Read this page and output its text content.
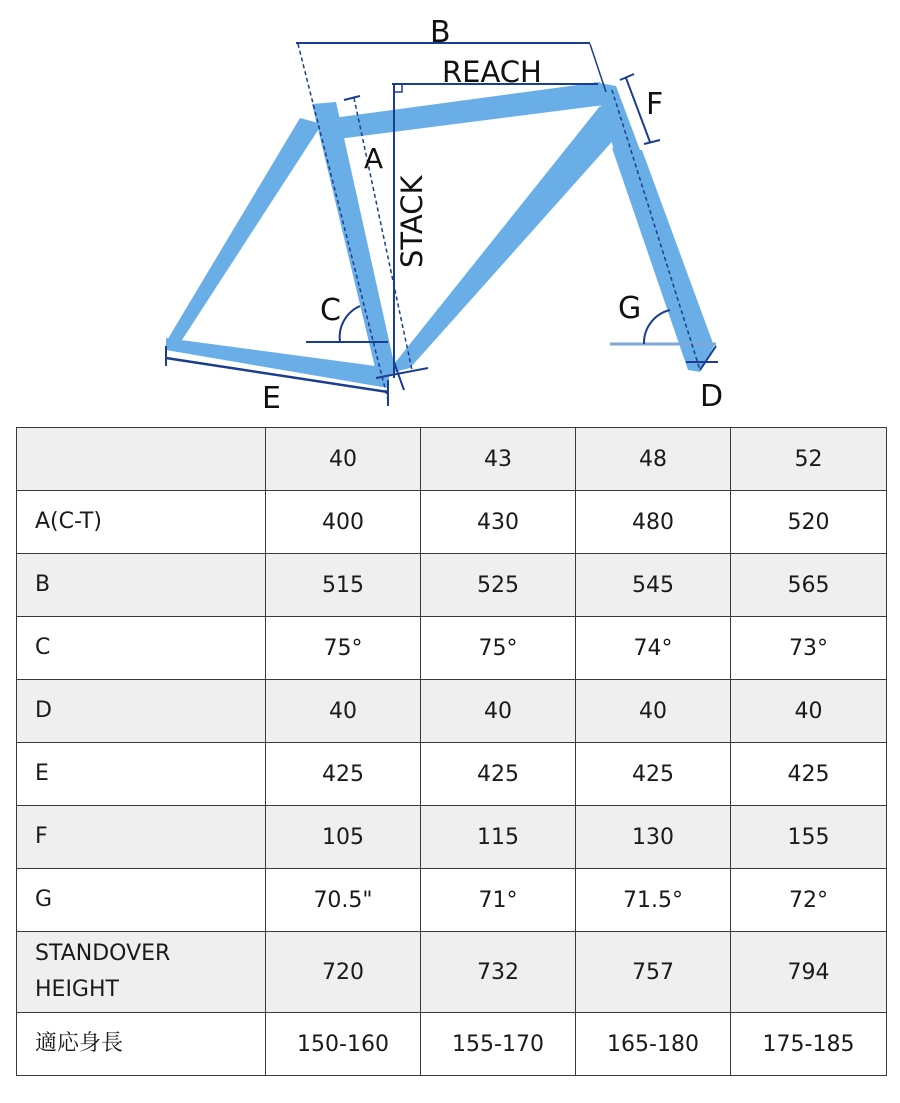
B
REACH
F
A
STACK
C	G
E	D
	40	43	48	52
A(C-T)	400	430	480	520
B	515	525	545	565
C	75°	75°	74°	73°
D	40	40	40	40
E	425	425	425	425
F	105	115	130	155
G	70.5"	71°	71.5°	72°
STANDOVER HEIGHT	720	732	757	794
適応身長	150-160	155-170	165-180	175-185
